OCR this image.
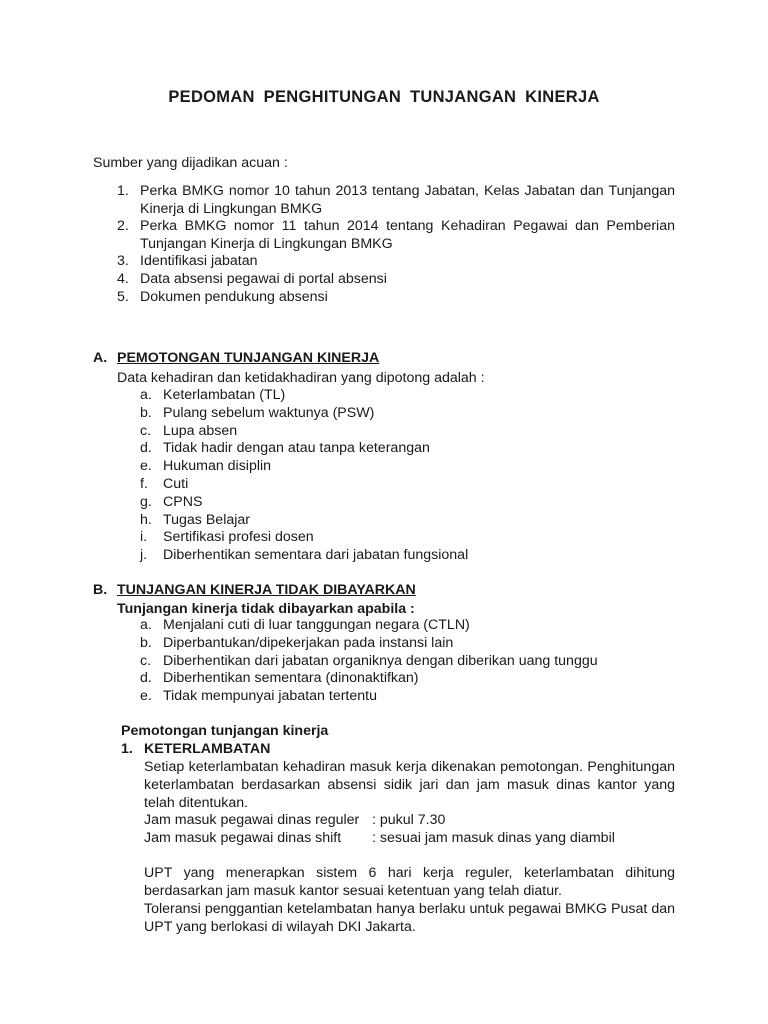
PEDOMAN PENGHITUNGAN TUNJANGAN KINERJA
Sumber yang dijadikan acuan :
1. Perka BMKG nomor 10 tahun 2013 tentang Jabatan, Kelas Jabatan dan Tunjangan Kinerja di Lingkungan BMKG
2. Perka BMKG nomor 11 tahun 2014 tentang Kehadiran Pegawai dan Pemberian Tunjangan Kinerja di Lingkungan BMKG
3. Identifikasi jabatan
4. Data absensi pegawai di portal absensi
5. Dokumen pendukung absensi
A. PEMOTONGAN TUNJANGAN KINERJA
Data kehadiran dan ketidakhadiran yang dipotong adalah :
a. Keterlambatan (TL)
b. Pulang sebelum waktunya (PSW)
c. Lupa absen
d. Tidak hadir dengan atau tanpa keterangan
e. Hukuman disiplin
f. Cuti
g. CPNS
h. Tugas Belajar
i. Sertifikasi profesi dosen
j. Diberhentikan sementara dari jabatan fungsional
B. TUNJANGAN KINERJA TIDAK DIBAYARKAN
Tunjangan kinerja tidak dibayarkan apabila :
a. Menjalani cuti di luar tanggungan negara (CTLN)
b. Diperbantukan/dipekerjakan pada instansi lain
c. Diberhentikan dari jabatan organiknya dengan diberikan uang tunggu
d. Diberhentikan sementara (dinonaktifkan)
e. Tidak mempunyai jabatan tertentu
Pemotongan tunjangan kinerja
1. KETERLAMBATAN
Setiap keterlambatan kehadiran masuk kerja dikenakan pemotongan. Penghitungan keterlambatan berdasarkan absensi sidik jari dan jam masuk dinas kantor yang telah ditentukan.
Jam masuk pegawai dinas reguler : pukul 7.30
Jam masuk pegawai dinas shift : sesuai jam masuk dinas yang diambil
UPT yang menerapkan sistem 6 hari kerja reguler, keterlambatan dihitung berdasarkan jam masuk kantor sesuai ketentuan yang telah diatur.
Toleransi penggantian ketelambatan hanya berlaku untuk pegawai BMKG Pusat dan UPT yang berlokasi di wilayah DKI Jakarta.
